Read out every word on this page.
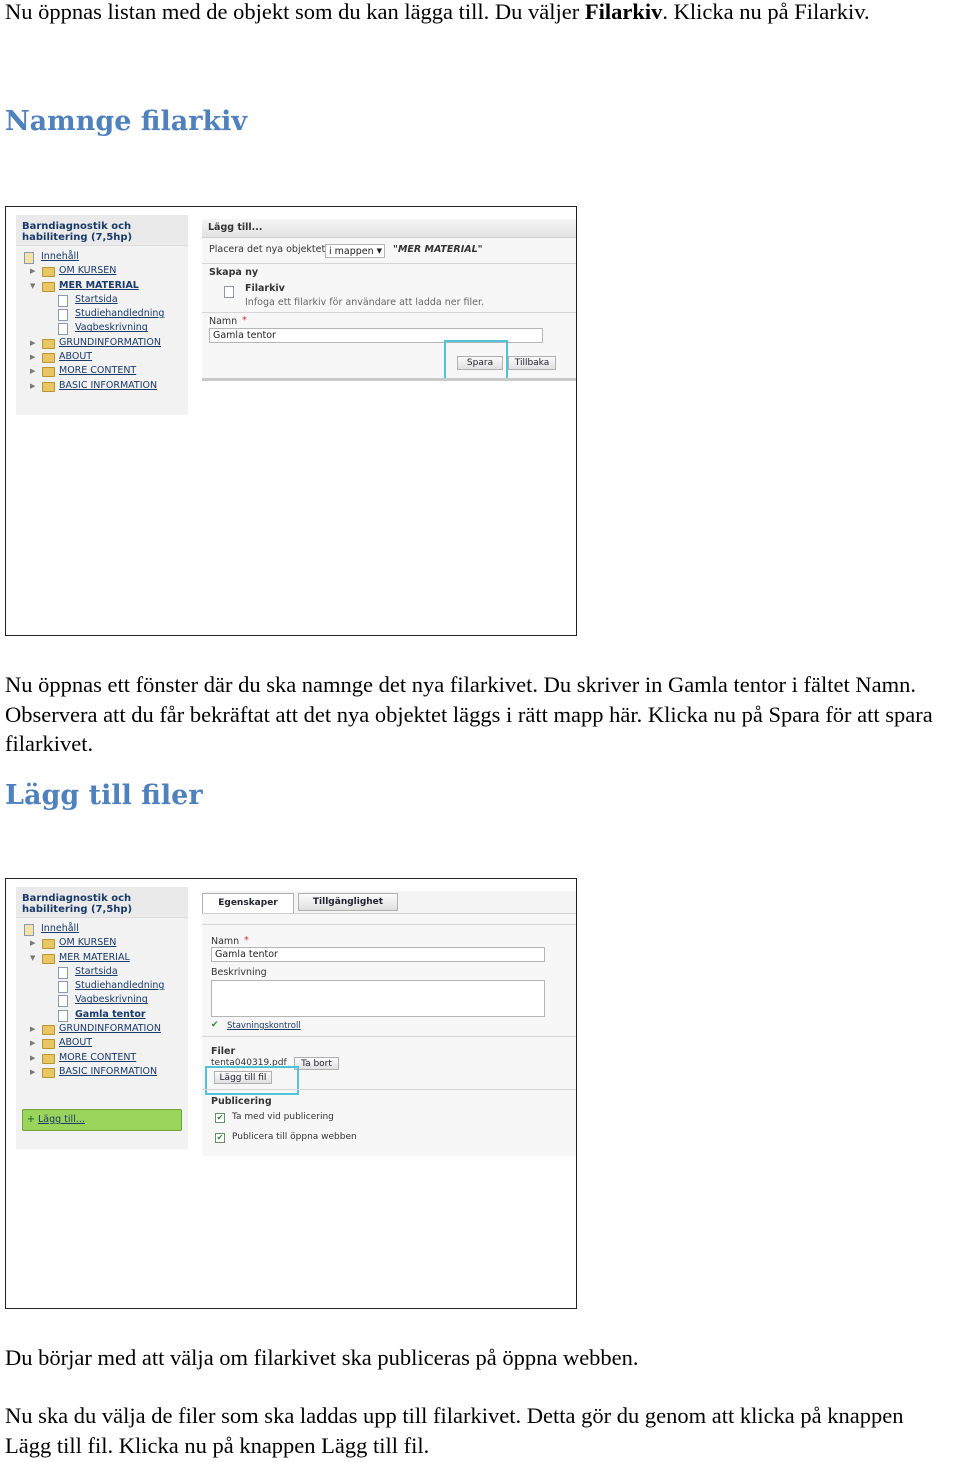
Nu öppnas listan med de objekt som du kan lägga till. Du väljer Filarkiv. Klicka nu på Filarkiv.

Namnge filarkiv
Barndiagnostik och
habilitering (7,5hp)
Innehåll
▶ OM KURSEN
▼ MER MATERIAL
Startsida
Studiehandledning
Vagbeskrivning
▶ GRUNDINFORMATION
▶ ABOUT
▶ MORE CONTENT
▶ BASIC INFORMATION
Lägg till...
Placera det nya objektet i mappen ▼ "MER MATERIAL"
Skapa ny
Filarkiv
Infoga ett filarkiv för användare att ladda ner filer.
Namn *
Gamla tentor
Spara	Tillbaka

Nu öppnas ett fönster där du ska namnge det nya filarkivet. Du skriver in Gamla tentor i fältet Namn. Observera att du får bekräftat att det nya objektet läggs i rätt mapp här. Klicka nu på Spara för att spara filarkivet.

Lägg till filer
Barndiagnostik och
habilitering (7,5hp)
Innehåll
▶ OM KURSEN
▼ MER MATERIAL
Startsida
Studiehandledning
Vagbeskrivning
Gamla tentor
▶ GRUNDINFORMATION
▶ ABOUT
▶ MORE CONTENT
▶ BASIC INFORMATION
+ Lägg till...
Egenskaper	Tillgänglighet
Namn *
Gamla tentor
Beskrivning
✔ Stavningskontroll
Filer
tenta040319.pdf	Ta bort
Lägg till fil
Publicering
✔ Ta med vid publicering
✔ Publicera till öppna webben

Du börjar med att välja om filarkivet ska publiceras på öppna webben.

Nu ska du välja de filer som ska laddas upp till filarkivet. Detta gör du genom att klicka på knappen Lägg till fil. Klicka nu på knappen Lägg till fil.
